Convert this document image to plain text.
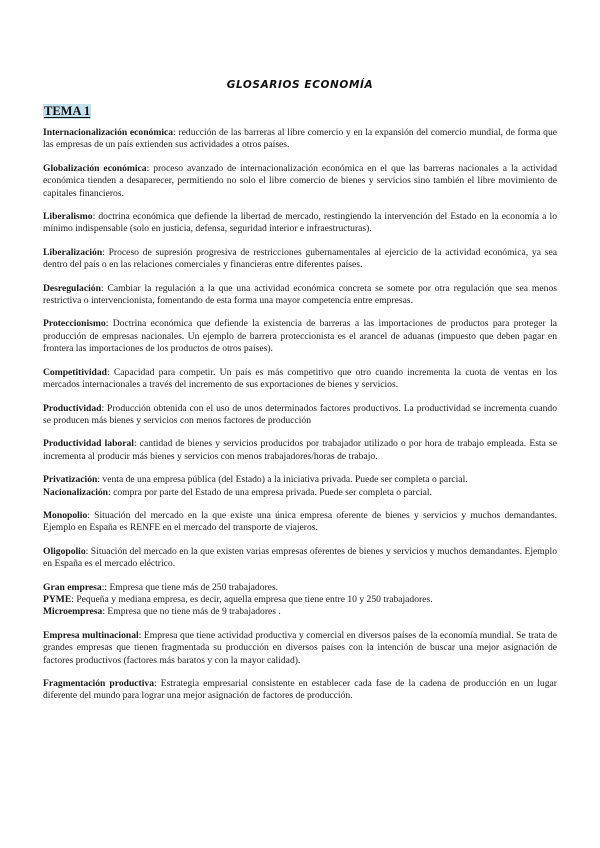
GLOSARIOS ECONOMÍA
TEMA 1

Internacionalización económica: reducción de las barreras al libre comercio y en la expansión del comercio mundial, de forma que las empresas de un país extienden sus actividades a otros países.

Globalización económica: proceso avanzado de internacionalización económica en el que las barreras nacionales a la actividad económica tienden a desaparecer, permitiendo no solo el libre comercio de bienes y servicios sino también el libre movimiento de capitales financieros.

Liberalismo: doctrina económica que defiende la libertad de mercado, restingiendo la intervención del Estado en la economía a lo mínimo indispensable (solo en justicia, defensa, seguridad interior e infraestructuras).

Liberalización: Proceso de supresión progresiva de restricciones gubernamentales al ejercicio de la actividad económica, ya sea dentro del país o en las relaciones comerciales y financieras entre diferentes países.

Desregulación: Cambiar la regulación a la que una actividad económica concreta se somete por otra regulación que sea menos restrictiva o intervencionista, fomentando de esta forma una mayor competencia entre empresas.

Proteccionismo: Doctrina económica que defiende la existencia de barreras a las importaciones de productos para proteger la producción de empresas nacionales. Un ejemplo de barrera proteccionista es el arancel de aduanas (impuesto que deben pagar en frontera las importaciones de los productos de otros países).

Competitividad: Capacidad para competir. Un país es más competitivo que otro cuando incrementa la cuota de ventas en los mercados internacionales a través del incremento de sus exportaciones de bienes y servicios.

Productividad: Producción obtenida con el uso de unos determinados factores productivos. La productividad se incrementa cuando se producen más bienes y servicios con menos factores de producción

Productividad laboral: cantidad de bienes y servicios producidos por trabajador utilizado o por hora de trabajo empleada. Esta se incrementa al producir más bienes y servicios con menos trabajadores/horas de trabajo.

Privatización: venta de una empresa pública (del Estado) a la iniciativa privada. Puede ser completa o parcial.

Nacionalización: compra por parte del Estado de una empresa privada. Puede ser completa o parcial.

Monopolio: Situación del mercado en la que existe una única empresa oferente de bienes y servicios y muchos demandantes. Ejemplo en España es RENFE en el mercado del transporte de viajeros.

Oligopolio: Situación del mercado en la que existen varias empresas oferentes de bienes y servicios y muchos demandantes. Ejemplo en España es el mercado eléctrico.

Gran empresa:: Empresa que tiene más de 250 trabajadores.

PYME: Pequeña y mediana empresa, es decir, aquella empresa que tiene entre 10 y 250 trabajadores.

Microempresa: Empresa que no tiene más de 9 trabajadores .

Empresa multinacional: Empresa que tiene actividad productiva y comercial en diversos países de la economía mundial. Se trata de grandes empresas que tienen fragmentada su producción en diversos países con la intención de buscar una mejor asignación de factores productivos (factores más baratos y con la mayor calidad).

Fragmentación productiva: Estrategia empresarial consistente en establecer cada fase de la cadena de producción en un lugar diferente del mundo para lograr una mejor asignación de factores de producción.
